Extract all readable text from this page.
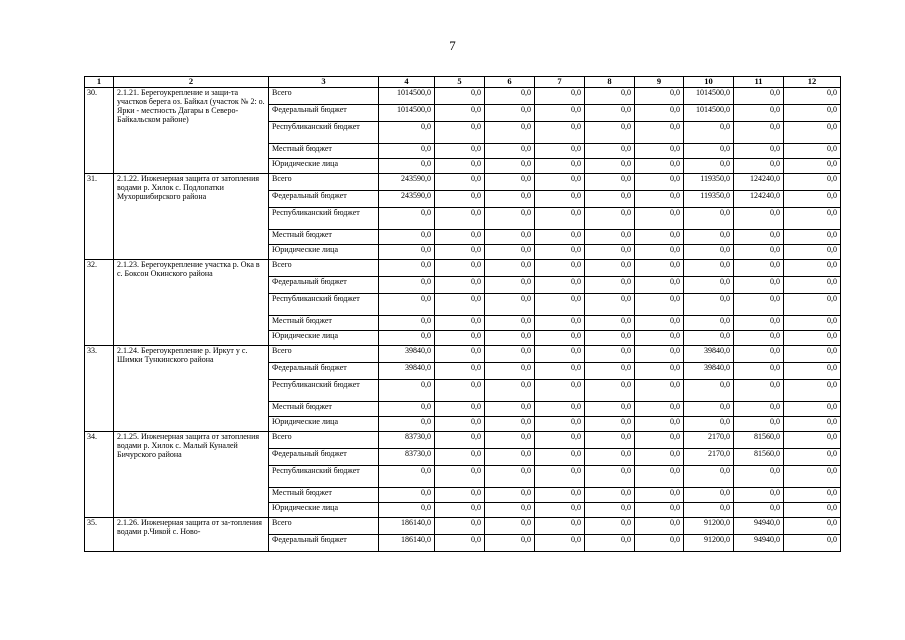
7
1	2	3	4	5	6	7	8	9	10	11	12
30.	2.1.21. Берегоукрепление и защи-та участков берега оз. Байкал (участок № 2: о. Ярки - местность Дагары в Северо-Байкальском районе)	Всего	1014500,0	0,0	0,0	0,0	0,0	0,0	1014500,0	0,0	0,0
		Федеральный бюджет	1014500,0	0,0	0,0	0,0	0,0	0,0	1014500,0	0,0	0,0
		Республиканский бюджет	0,0	0,0	0,0	0,0	0,0	0,0	0,0	0,0	0,0
		Местный бюджет	0,0	0,0	0,0	0,0	0,0	0,0	0,0	0,0	0,0
		Юридические лица	0,0	0,0	0,0	0,0	0,0	0,0	0,0	0,0	0,0
31.	2.1.22. Инженерная защита от затопления водами р. Хилок с. Подлопатки Мухоршибирского района	Всего	243590,0	0,0	0,0	0,0	0,0	0,0	119350,0	124240,0	0,0
		Федеральный бюджет	243590,0	0,0	0,0	0,0	0,0	0,0	119350,0	124240,0	0,0
		Республиканский бюджет	0,0	0,0	0,0	0,0	0,0	0,0	0,0	0,0	0,0
		Местный бюджет	0,0	0,0	0,0	0,0	0,0	0,0	0,0	0,0	0,0
		Юридические лица	0,0	0,0	0,0	0,0	0,0	0,0	0,0	0,0	0,0
32.	2.1.23. Берегоукрепление участка р. Ока в с. Боксон Окинского района	Всего	0,0	0,0	0,0	0,0	0,0	0,0	0,0	0,0	0,0
		Федеральный бюджет	0,0	0,0	0,0	0,0	0,0	0,0	0,0	0,0	0,0
		Республиканский бюджет	0,0	0,0	0,0	0,0	0,0	0,0	0,0	0,0	0,0
		Местный бюджет	0,0	0,0	0,0	0,0	0,0	0,0	0,0	0,0	0,0
		Юридические лица	0,0	0,0	0,0	0,0	0,0	0,0	0,0	0,0	0,0
33.	2.1.24. Берегоукрепление р. Иркут у с. Шимки Тункинского района	Всего	39840,0	0,0	0,0	0,0	0,0	0,0	39840,0	0,0	0,0
		Федеральный бюджет	39840,0	0,0	0,0	0,0	0,0	0,0	39840,0	0,0	0,0
		Республиканский бюджет	0,0	0,0	0,0	0,0	0,0	0,0	0,0	0,0	0,0
		Местный бюджет	0,0	0,0	0,0	0,0	0,0	0,0	0,0	0,0	0,0
		Юридические лица	0,0	0,0	0,0	0,0	0,0	0,0	0,0	0,0	0,0
34.	2.1.25. Инженерная защита от затопления водами р. Хилок с. Малый Куналей Бичурского района	Всего	83730,0	0,0	0,0	0,0	0,0	0,0	2170,0	81560,0	0,0
		Федеральный бюджет	83730,0	0,0	0,0	0,0	0,0	0,0	2170,0	81560,0	0,0
		Республиканский бюджет	0,0	0,0	0,0	0,0	0,0	0,0	0,0	0,0	0,0
		Местный бюджет	0,0	0,0	0,0	0,0	0,0	0,0	0,0	0,0	0,0
		Юридические лица	0,0	0,0	0,0	0,0	0,0	0,0	0,0	0,0	0,0
35.	2.1.26. Инженерная защита от за-топления водами р.Чикой с. Ново-	Всего	186140,0	0,0	0,0	0,0	0,0	0,0	91200,0	94940,0	0,0
		Федеральный бюджет	186140,0	0,0	0,0	0,0	0,0	0,0	91200,0	94940,0	0,0
